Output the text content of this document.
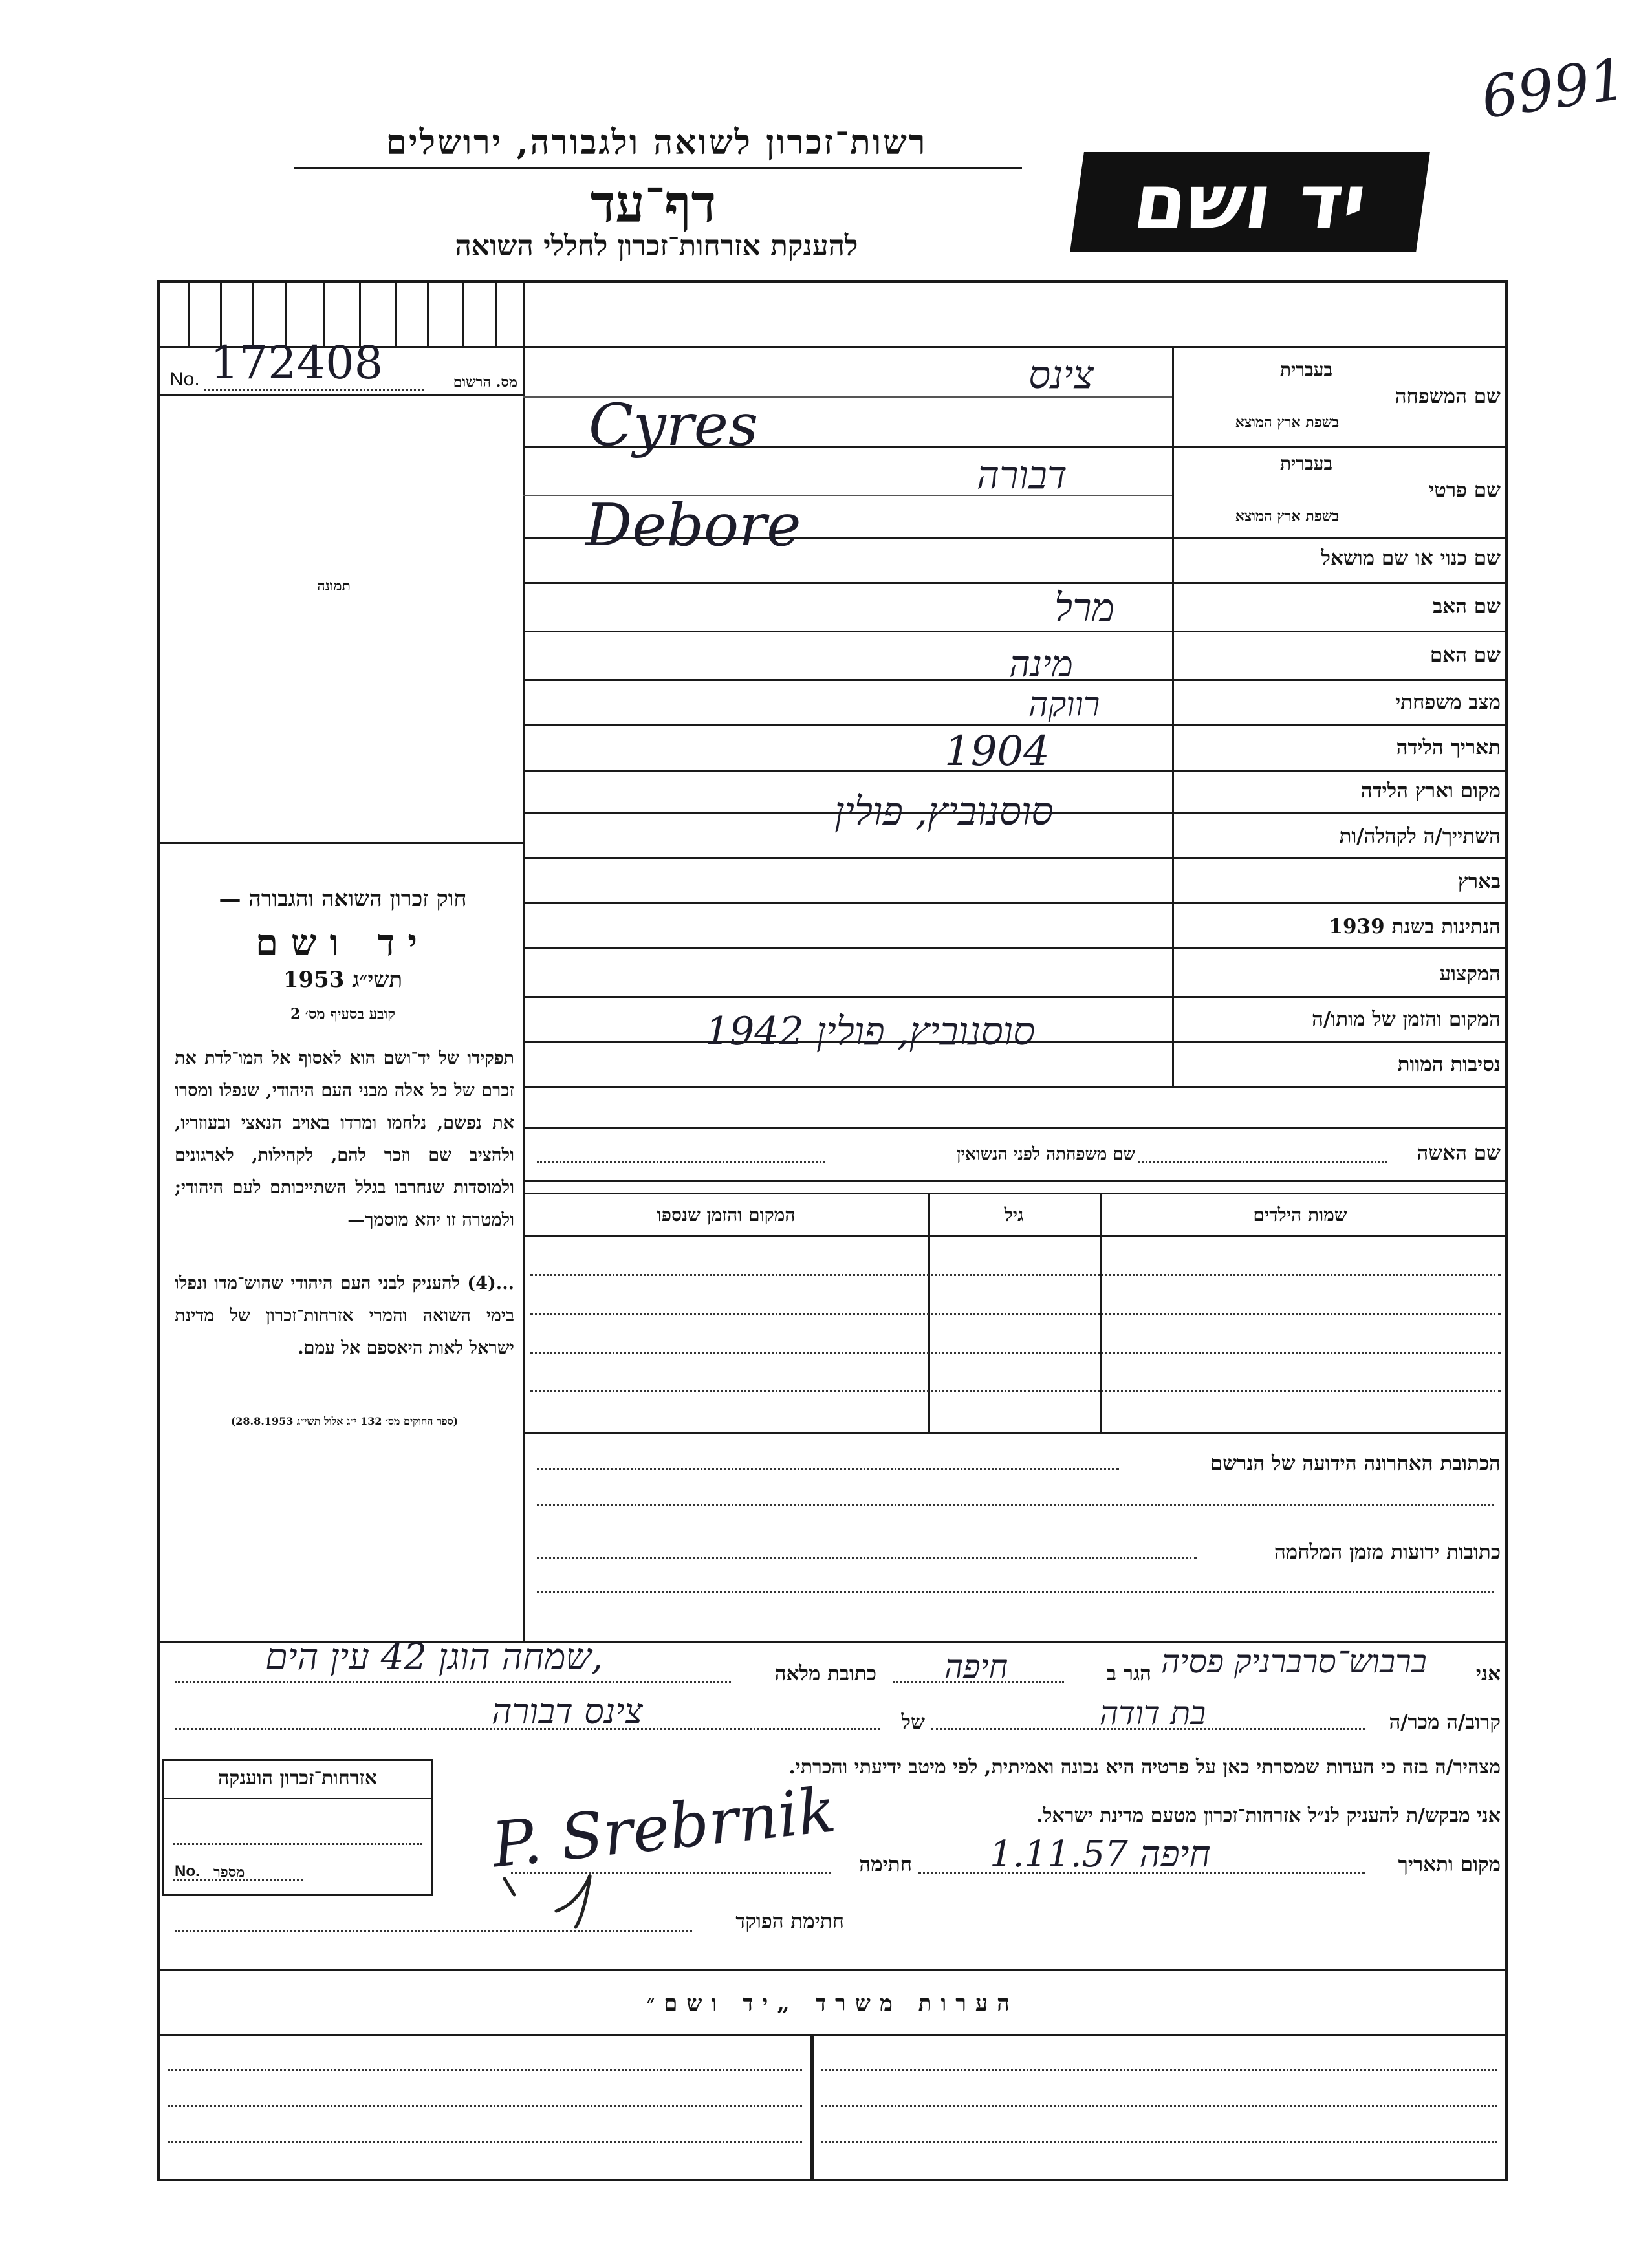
6991
רשות־זכרון לשואה ולגבורה, ירושלים
דף־עד
להענקת אזרחות־זכרון לחללי השואה	יד ושם
מס. הרשום
No. 172408
תמונה
חוק זכרון השואה והגבורה —
יד ושם
תשי״ג 1953
קובע בסעיף מס׳ 2
תפקידו של יד־ושם הוא לאסוף אל המו־לדת את זכרם של כל אלה מבני העם היהודי, שנפלו ומסרו את נפשם, נלחמו ומרדו באויב הנאצי ובעוזריו, ולהציב שם וזכר להם, לקהילות, לארגונים ולמוסדות שנחרבו בגלל השתייכותם לעם היהודי; ולמטרה זו יהא מוסמך—
...(4) להעניק לבני העם היהודי שהוש־מדו ונפלו בימי השואה והמרי אזרחות־זכרון של מדינת ישראל לאות היאספם אל עמם.
(ספר החוקים מס׳ 132 י״ג אלול תשי״ג 28.8.1953)
שם המשפחה
בעברית
בשפת ארץ המוצא
צינס
Cyres
שם פרטי
בעברית
בשפת ארץ המוצא
דבורה
Debore	שם כנוי או שם מושאל
שם האב
מרל
שם האם
מינה
מצב משפחתי
רווקה
תאריך הלידה
1904
מקום וארץ הלידה
סוסנוביץ, פולין
השתייך/ה לקהלה/ות
בארץ
הנתינות בשנת 1939
המקצוע
המקום והזמן של מותו/ה
סוסנוביץ, פולין 1942
נסיבות המוות
שם האשה
שם משפחתה לפני הנשואין
שמות הילדים
גיל
המקום והזמן שנספו
הכתובת האחרונה הידועה של הנרשם
כתובות ידועות מזמן המלחמה
אני
ברבוש־סרברניק פסיה
הגר ב
חיפה
כתובת מלאה
שמחה הוגן 42 עין הים,
קרוב/ה מכר/ה
בת דודה
של
צינס דבורה
מצהיר/ה בזה כי העדות שמסרתי כאן על פרטיה היא נכונה ואמיתית, לפי מיטב ידיעתי והכרתי.
אני מבקש/ת להעניק לנ״ל אזרחות־זכרון מטעם מדינת ישראל.
מקום ותאריך
חיפה 1.11.57
חתימה
P. Srebrnik
חתימת הפוקד
אזרחות־זכרון הוענקה
מספר
No.
הערות משרד „יד ושם״
